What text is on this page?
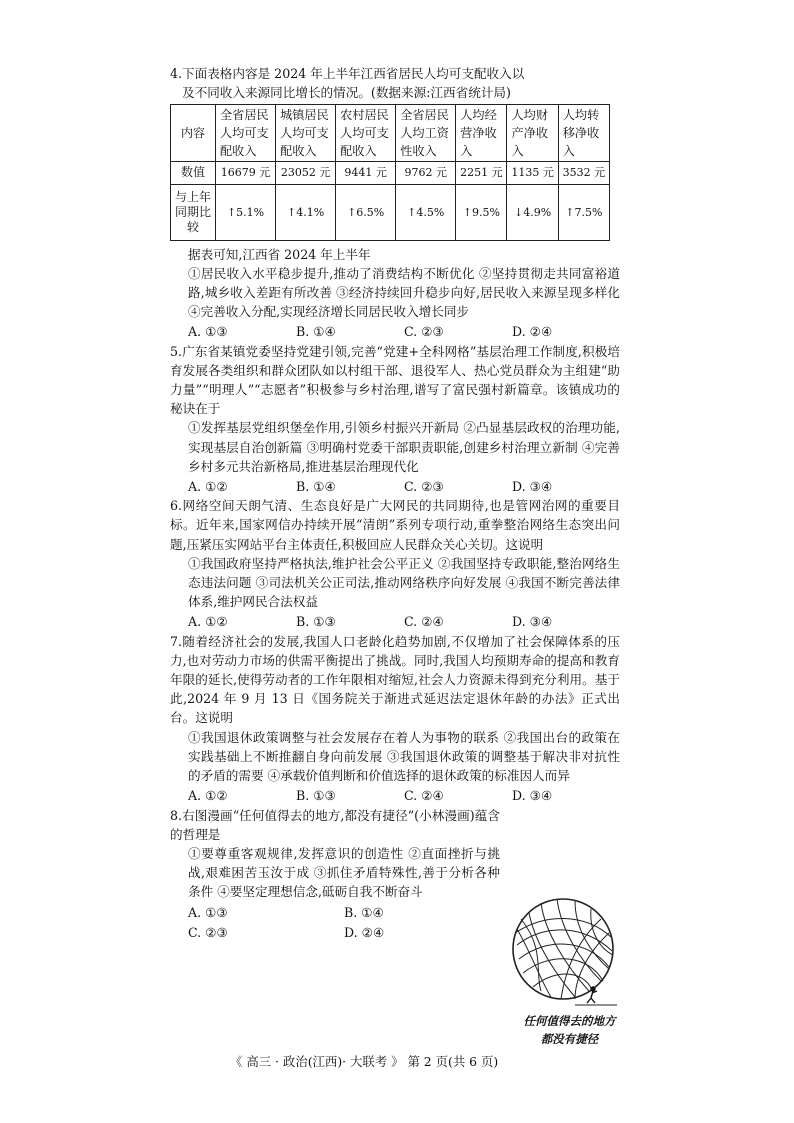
4.下面表格内容是 2024 年上半年江西省居民人均可支配收入以
及不同收入来源同比增长的情况。(数据来源:江西省统计局)
内容	全省居民人均可支配收入	城镇居民人均可支配收入	农村居民人均可支配收入	全省居民人均工资性收入	人均经营净收入	人均财产净收入	人均转移净收入
数值	16679 元	23052 元	9441 元	9762 元	2251 元	1135 元	3532 元
与上年同期比较	↑5.1%	↑4.1%	↑6.5%	↑4.5%	↑9.5%	↓4.9%	↑7.5%
据表可知,江西省 2024 年上半年
①居民收入水平稳步提升,推动了消费结构不断优化 ②坚持贯彻走共同富裕道路,城乡收入差距有所改善 ③经济持续回升稳步向好,居民收入来源呈现多样化 ④完善收入分配,实现经济增长同居民收入增长同步
A. ①③	B. ①④	C. ②③	D. ②④
5.广东省某镇党委坚持党建引领,完善“党建+全科网格”基层治理工作制度,积极培育发展各类组织和群众团队如以村组干部、退役军人、热心党员群众为主组建“助力量”“明理人”“志愿者”积极参与乡村治理,谱写了富民强村新篇章。该镇成功的秘诀在于
①发挥基层党组织堡垒作用,引领乡村振兴开新局 ②凸显基层政权的治理功能,实现基层自治创新篇 ③明确村党委干部职责职能,创建乡村治理立新制 ④完善乡村多元共治新格局,推进基层治理现代化
A. ①②	B. ①④	C. ②③	D. ③④
6.网络空间天朗气清、生态良好是广大网民的共同期待,也是管网治网的重要目标。近年来,国家网信办持续开展“清朗”系列专项行动,重拳整治网络生态突出问题,压紧压实网站平台主体责任,积极回应人民群众关心关切。这说明
①我国政府坚持严格执法,维护社会公平正义 ②我国坚持专政职能,整治网络生态违法问题 ③司法机关公正司法,推动网络秩序向好发展 ④我国不断完善法律体系,维护网民合法权益
A. ①②	B. ①③	C. ②④	D. ③④
7.随着经济社会的发展,我国人口老龄化趋势加剧,不仅增加了社会保障体系的压力,也对劳动力市场的供需平衡提出了挑战。同时,我国人均预期寿命的提高和教育年限的延长,使得劳动者的工作年限相对缩短,社会人力资源未得到充分利用。基于此,2024 年 9 月 13 日《国务院关于渐进式延迟法定退休年龄的办法》正式出台。这说明
①我国退休政策调整与社会发展存在着人为事物的联系 ②我国出台的政策在实践基础上不断推翻自身向前发展 ③我国退休政策的调整基于解决非对抗性的矛盾的需要 ④承载价值判断和价值选择的退休政策的标准因人而异
A. ①②	B. ①③	C. ②④	D. ③④
8.右图漫画“任何值得去的地方,都没有捷径”(小林漫画)蕴含的哲理是
①要尊重客观规律,发挥意识的创造性 ②直面挫折与挑战,艰难困苦玉汝于成 ③抓住矛盾特殊性,善于分析各种条件 ④要坚定理想信念,砥砺自我不断奋斗
A. ①③	B. ①④
C. ②③	D. ②④
任何值得去的地方
都没有捷径
《 高三 · 政治(江西)· 大联考 》 第 2 页(共 6 页)
